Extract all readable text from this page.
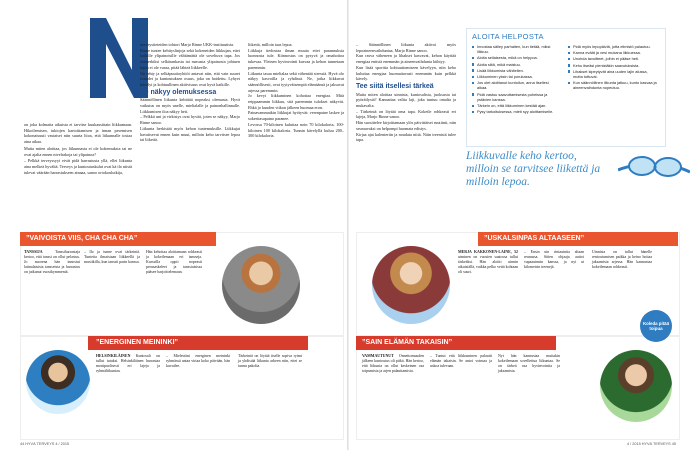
on joka kolmatta aikuista ei tarvitse kuukausittain liikkumaan. Hikoilemisen, tukiojen kartoittamisen ja innan pesemisen kokonaisuuti vastaiset niin suurta litoa, että liikunnalle tosiaa aina aikaa.

Mutta miten aloittaa, jos liikunnasta ei ole kokemuksia tai ne ovat ajalta ennen nivelrakoja tai ylipainoa?

– Pelkkä terveyssyyt eivät pidä harrastusta yllä, ellei liikunta aina melkeä hyvältä. Terveys ja kuntoutuskulut ovat kä ilo niistä tulevat väärään harrastukseen ainaaa, sanoo ortokoulutkija,

nerveystieteiden tohtori Marjo Rinne UKK-instituutista.
Rinne tuntee kehityslinjoja sekä kokeneiden liikkujan, ettei kaikille ylipainoisille välttämättä ole soveltuva tapa. Jos esimerkiksi selkärankasta tai runsasta ylipainosta johtuen lajiin ei ole varaa, pitää lähteä liikkeelle.
On tehty ja selkäpuuttoyhtiöt antavat niin, että vain suuret osuudet ja kuntoutuksen osuus, joka on hoidettu. Lyhyet kävelyt ja kohtuullinen aktiivisuus ovat hyvä kaikille.

Se näkyy olemuksessa

Säännöllinen liikunta kehittää nopeaksi olemusta. Hyvä vaikutus on myös unelle, mielialalle ja painonhallinnalle. Liikkumisen iloa näkyy heti.
– Pelkkä uni ja virkistys ovat hyvää, joten se näkyy, Marjo Rinne sanoo.
Liikunta herkistää myös kehon tuntemuksille. Liikkujat havaitsevat ennen kuin muut, milloin keho tarvitsee lepoa tai liikettä.

liikettä, milloin taas lepoa.
Liikkuja tiedostaa ilman muuta ettei parannuksia luonnosta tule. Kiinnostus on pysyvä ja omahoitoa tukevaa. Yleinen hyvinvointi kasvaa ja kehon tunnetaan paremmin.
Liikunta tasaa mielialaa sekä vähentää stressiä. Hyvä olo näkyy kasvoilla ja ryhdissä. Ne, jotka liikkuvat säännöllisesti, ovat tyytyväisempiä elämäänsä ja jaksavat arjessa paremmin.
Jo kevyt liikkuminen kohottaa energiaa. Mitä reippaammin liikkuu, sitä paremmin tulokset näkyvät. Ehkä jo kuuden viikon jälkeen huomaa eron.
Painavammatkin liikkujat hyötyvät: verenpaine laskee ja sokeritasapaino paranee.
Levossa 70-kiloinen kuluttaa noin 70 kilokaloria, 100-kiloinen 100 kilokaloria. Tunnin kävelyllä kuluu 200–300 kilokaloria.

– Säännöllinen liikunta aktivoi myös lepoaineenvaihduntaa, Marjo Rinne sanoo.
Kun rasva väheneen ja lihakset kasvavat, kehon käyttää energiaa entistä enemmän ja aineenvaihdunta kiihtyy.
Kun lisää sporttia kohtuuttomiseen kävelyyn, niin keho kuluttaa energiaa huomattavasti enemmän kuin pelkkä kävely.

Tee siitä itsellesi tärkeä

Mutta miten aloittaa uinnista, kuntosalista, juoksusta tai pyöräilystä? Kannattaa valita laji, joka tuntuu omalta ja mukavalta.
– Tärkeintä on löytää oma tapa. Kokeile rohkeasti eri lajeja, Marjo Rinne sanoo.
Hän suosittelee kirjoittamaan ylös päivittäiset ruutiinit, niin seuraavaksi on helpompi huomata edistys.
Kirjaa ajat kalenteriin ja noudata niitä. Näin treenistä tulee tapa.

ALOITA HELPOSTA
Innostaa sälley parhaiten, kun tietää, miksi liikkuu.
Aloita sellaisesta, mikä on helppoa.
Aloita siitä, mikä maistuu.
Lisää liikkumista vähitellen.
Liikkuminen yksin tai porukassa.
Jos olet aloittanut kuntoilun, anna itsellesi aikaa.
Pidä vastuu saavuttamisesta puheissa ja ystävien kanssa.
Tärkein on, että liikkuminen kestää ajan.
Pysy tarkoituksessa, mieti syy aloittamiselle.
Pidä myös lepopäiviä, jotta elimistö palautuu.
Kanna eväät ja vesi mukana liikkuessa.
Unohda tavoitteet, joihin ei pääse heti.
Kehu itseäsi pienistäkin saavutuksista.
Lihakset kipeytyvät aina uuden lajin alussa, mutta tottuvat.
Kun säännöllinen liikunta jatkuu, kunto kasvaa ja aineenvaihdunta nopeutuu.
Liikkuvalle keho kertoo, milloin se tarvitsee liikettä ja milloin lepoa.
”VAIVOISTA VIIS, CHA CHA CHA”
TANSSIJA	Tanssiharrastaja kertoo, että tanssi on ollut pelastus. Jo nuorena hän innostui latinalaisista tansseista ja harrastus on jatkunut vuosikymmeniä.
– Ilo ja tunne ovat tärkeintä. Tunteita ilmaistaan liikkeellä ja musiikilla, kun tanssii parin kanssa.
Hän kehottaa aloittamaan rohkeasti ja kokeilemaan eri tansseja. Kurssilla oppii nopeasti perusaskeleet ja tanssiaisissa pääsee harjoittelemaan.
”USKALSINPAS ALTAASEEN”
MERJA KAKKONEN-LAINE, 52 uiminen on vuosien saatossa tullut tärkeäksi. Hän aloitti uinnin aikuisiällä, vaikka pelko vettä kohtaan oli suuri.
– Ensin uin rintauintia altaan reunassa. Sitten ohjaaja auttoi vapaauinnin kanssa, ja nyt ui kilometrin treenejä.
Uinnista on tullut hänelle rentoutumisen paikka ja keino hoitaa jaksamista arjessa. Hän kannustaa kokeilemaan rohkeasti.
”ENERGINEN MEININKI”
HELSINKILÄINEN Kuntosali on tullut tutuksi. Helsinkiläinen harrastaa monipuolisesti eri lajeja ja ryhmäliikuntaa.
– Mielestäni energinen meininki ryhmässä antaa virtaa koko päivään, hän kuvailee.
Tärkeintä on löytää itselle sopiva rytmi ja yhdistää liikunta arkeen niin, ettei se tunnu pakolta.
”SAIN ELÄMÄN TAKAISIN”
VAMMAUTUNUT Onnettomuuden jälkeen kuntoutus oli pitkä. Hän kertoo, että liikunta on ollut keskeinen osa toipumista ja arjen palauttamista.
– Tuntui että liikkuminen palautti elämän takaisin. Se antoi voimaa ja uskoa tulevaan.
Nyt hän kannustaa muitakin kokeilemaan sovellettua liikuntaa. Se on tärkeä osa hyvinvointia ja jaksamista.
Koleda pitää toipua
44 HYVÄ TERVEYS 4 / 2015	4 / 2015 HYVÄ TERVEYS 45
